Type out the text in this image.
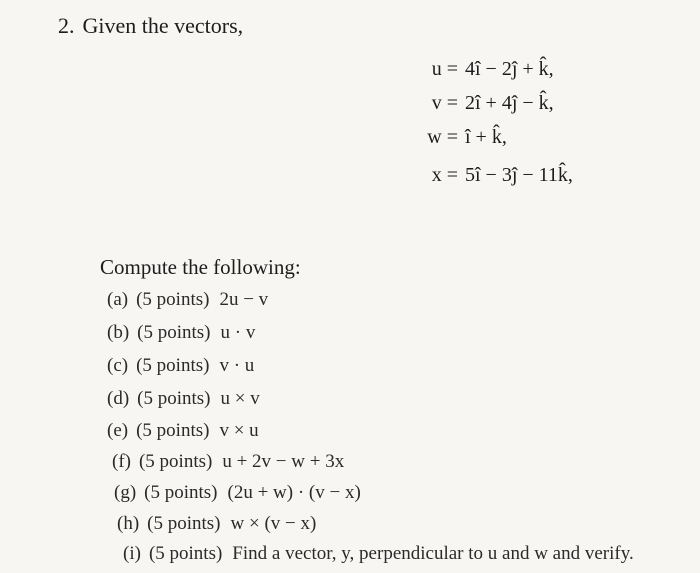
2. Given the vectors,
u = 4î − 2ĵ + k̂,
v = 2î + 4ĵ − k̂,
w = î + k̂,
x = 5î − 3ĵ − 11k̂,
Compute the following:
(a) (5 points) 2u − v
(b) (5 points) u · v
(c) (5 points) v · u
(d) (5 points) u × v
(e) (5 points) v × u
(f) (5 points) u + 2v − w + 3x
(g) (5 points) (2u + w) · (v − x)
(h) (5 points) w × (v − x)
(i) (5 points) Find a vector, y, perpendicular to u and w and verify.
